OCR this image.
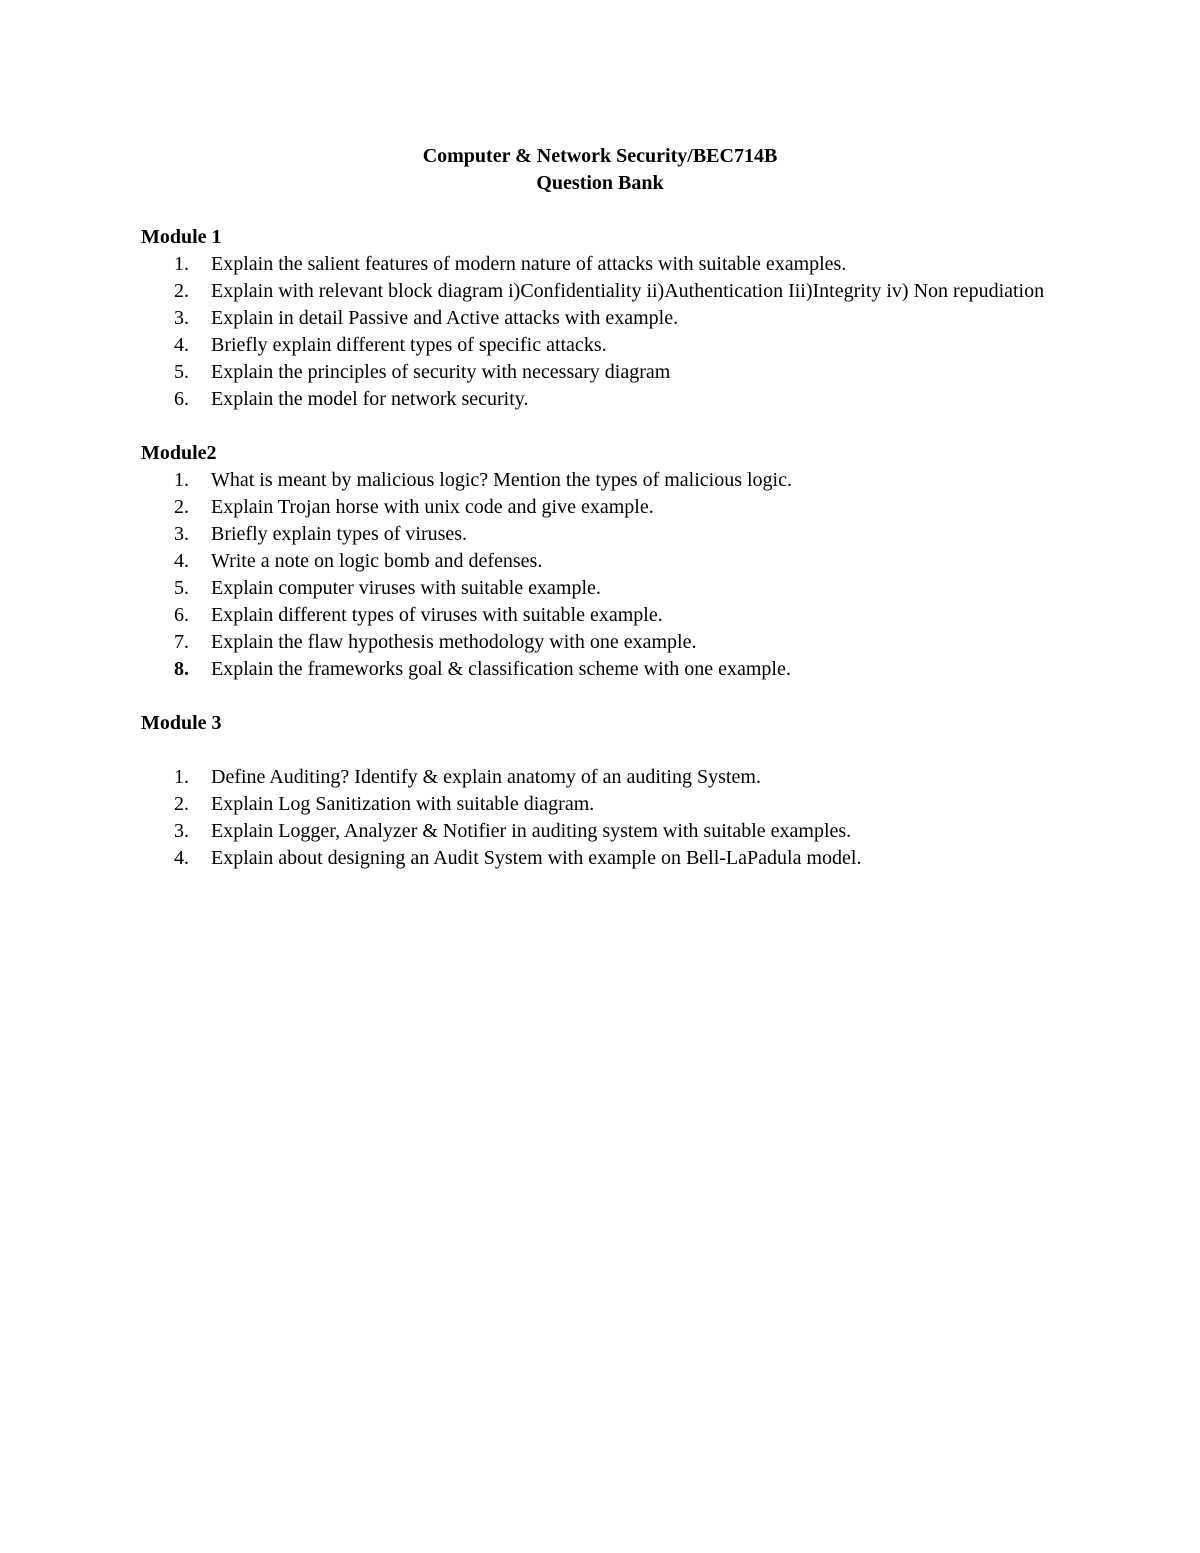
Computer & Network Security/BEC714B
Question Bank
Module 1
1. Explain the salient features of modern nature of attacks with suitable examples.
2. Explain with relevant block diagram i)Confidentiality ii)Authentication Iii)Integrity iv) Non repudiation
3. Explain in detail Passive and Active attacks with example.
4. Briefly explain different types of specific attacks.
5. Explain the principles of security with necessary diagram
6. Explain the model for network security.
Module2
1. What is meant by malicious logic? Mention the types of malicious logic.
2. Explain Trojan horse with unix code and give example.
3. Briefly explain types of viruses.
4. Write a note on logic bomb and defenses.
5. Explain computer viruses with suitable example.
6. Explain different types of viruses with suitable example.
7. Explain the flaw hypothesis methodology with one example.
8. Explain the frameworks goal & classification scheme with one example.
Module 3
1. Define Auditing? Identify & explain anatomy of an auditing System.
2. Explain Log Sanitization with suitable diagram.
3. Explain Logger, Analyzer & Notifier in auditing system with suitable examples.
4. Explain about designing an Audit System with example on Bell-LaPadula model.
